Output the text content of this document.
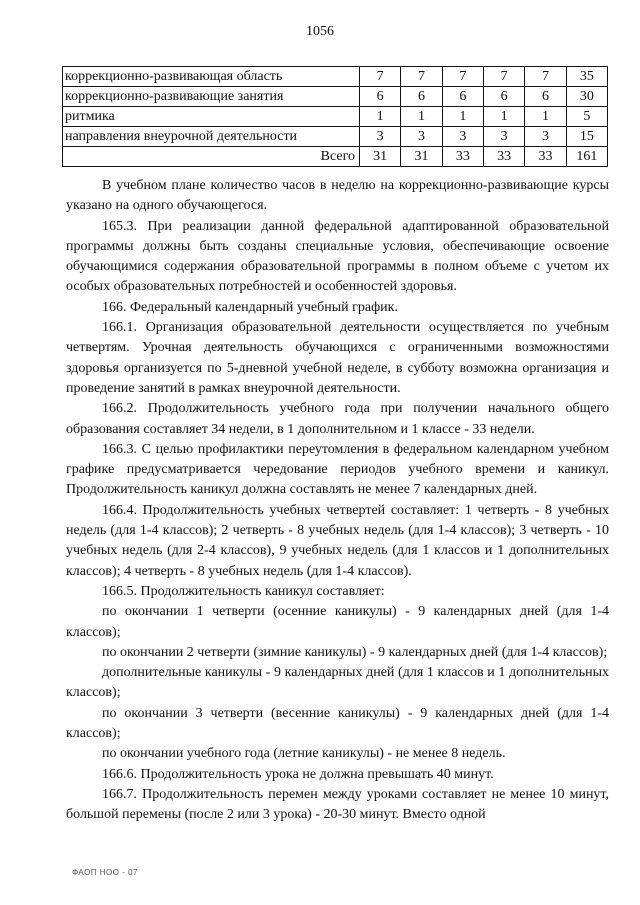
1056
коррекционно-развивающая область	7	7	7	7	7	35
коррекционно-развивающие занятия	6	6	6	6	6	30
ритмика	1	1	1	1	1	5
направления внеурочной деятельности	3	3	3	3	3	15
Всего	31	31	33	33	33	161

В учебном плане количество часов в неделю на коррекционно-развивающие курсы указано на одного обучающегося.

165.3. При реализации данной федеральной адаптированной образовательной программы должны быть созданы специальные условия, обеспечивающие освоение обучающимися содержания образовательной программы в полном объеме с учетом их особых образовательных потребностей и особенностей здоровья.

166. Федеральный календарный учебный график.

166.1. Организация образовательной деятельности осуществляется по учебным четвертям. Урочная деятельность обучающихся с ограниченными возможностями здоровья организуется по 5-дневной учебной неделе, в субботу возможна организация и проведение занятий в рамках внеурочной деятельности.

166.2. Продолжительность учебного года при получении начального общего образования составляет 34 недели, в 1 дополнительном и 1 классе - 33 недели.

166.3. С целью профилактики переутомления в федеральном календарном учебном графике предусматривается чередование периодов учебного времени и каникул. Продолжительность каникул должна составлять не менее 7 календарных дней.

166.4. Продолжительность учебных четвертей составляет: 1 четверть - 8 учебных недель (для 1-4 классов); 2 четверть - 8 учебных недель (для 1-4 классов); 3 четверть - 10 учебных недель (для 2-4 классов), 9 учебных недель (для 1 классов и 1 дополнительных классов); 4 четверть - 8 учебных недель (для 1-4 классов).

166.5. Продолжительность каникул составляет:

по окончании 1 четверти (осенние каникулы) - 9 календарных дней (для 1-4 классов);

по окончании 2 четверти (зимние каникулы) - 9 календарных дней (для 1-4 классов);

дополнительные каникулы - 9 календарных дней (для 1 классов и 1 дополнительных классов);

по окончании 3 четверти (весенние каникулы) - 9 календарных дней (для 1-4 классов);

по окончании учебного года (летние каникулы) - не менее 8 недель.

166.6. Продолжительность урока не должна превышать 40 минут.

166.7. Продолжительность перемен между уроками составляет не менее 10 минут, большой перемены (после 2 или 3 урока) - 20-30 минут. Вместо одной

ФАОП НОО - 07
